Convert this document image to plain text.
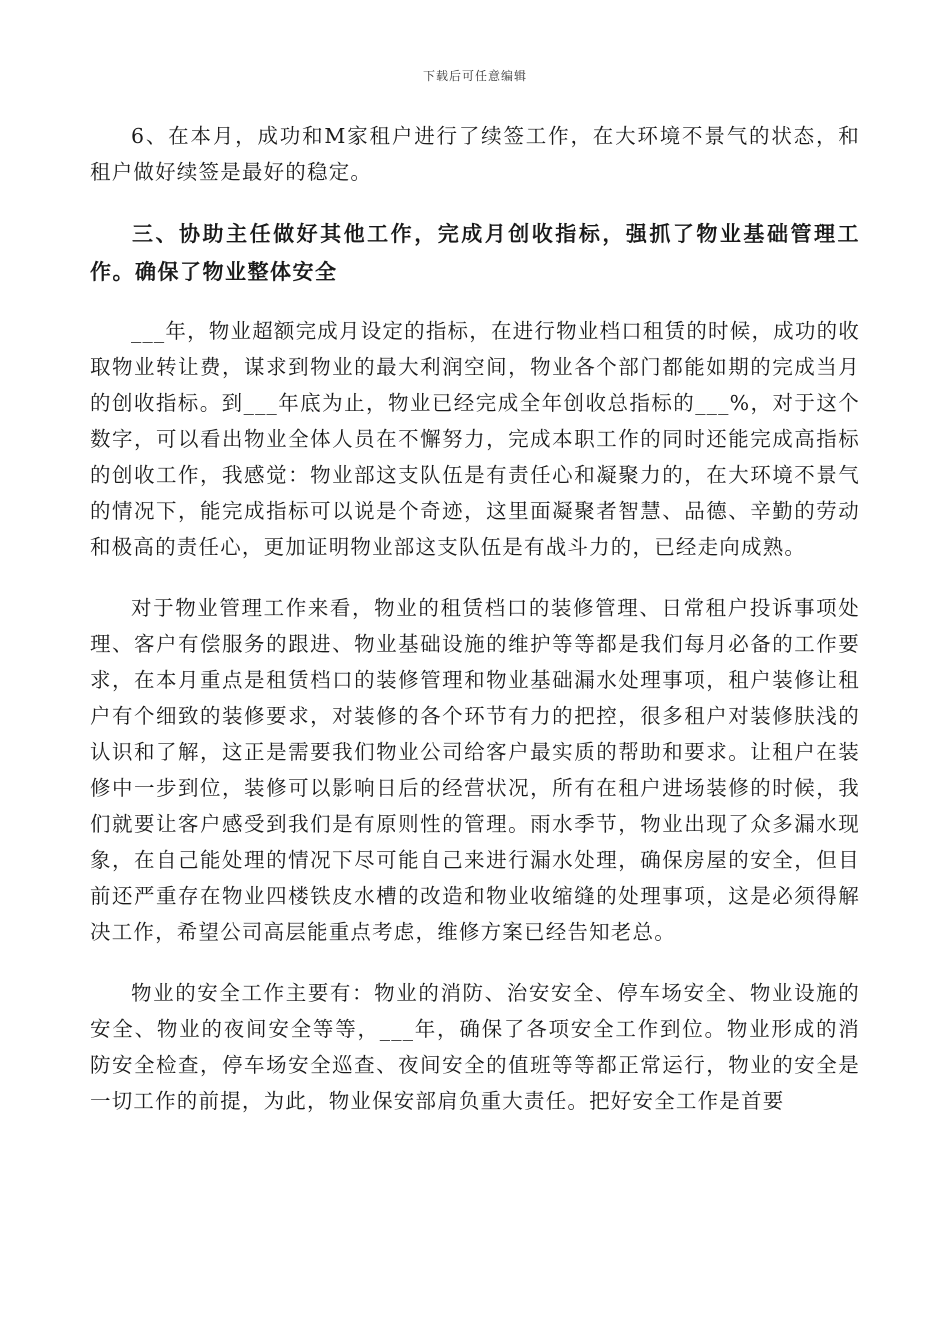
下载后可任意编辑

6、在本月，成功和M家租户进行了续签工作，在大环境不景气的状态，和租户做好续签是最好的稳定。

三、协助主任做好其他工作，完成月创收指标，强抓了物业基础管理工作。确保了物业整体安全

___年，物业超额完成月设定的指标，在进行物业档口租赁的时候，成功的收取物业转让费，谋求到物业的最大利润空间，物业各个部门都能如期的完成当月的创收指标。到___年底为止，物业已经完成全年创收总指标的___%，对于这个数字，可以看出物业全体人员在不懈努力，完成本职工作的同时还能完成高指标的创收工作，我感觉：物业部这支队伍是有责任心和凝聚力的，在大环境不景气的情况下，能完成指标可以说是个奇迹，这里面凝聚者智慧、品德、辛勤的劳动和极高的责任心，更加证明物业部这支队伍是有战斗力的，已经走向成熟。

对于物业管理工作来看，物业的租赁档口的装修管理、日常租户投诉事项处理、客户有偿服务的跟进、物业基础设施的维护等等都是我们每月必备的工作要求，在本月重点是租赁档口的装修管理和物业基础漏水处理事项，租户装修让租户有个细致的装修要求，对装修的各个环节有力的把控，很多租户对装修肤浅的认识和了解，这正是需要我们物业公司给客户最实质的帮助和要求。让租户在装修中一步到位，装修可以影响日后的经营状况，所有在租户进场装修的时候，我们就要让客户感受到我们是有原则性的管理。雨水季节，物业出现了众多漏水现象，在自己能处理的情况下尽可能自己来进行漏水处理，确保房屋的安全，但目前还严重存在物业四楼铁皮水槽的改造和物业收缩缝的处理事项，这是必须得解决工作，希望公司高层能重点考虑，维修方案已经告知老总。

物业的安全工作主要有：物业的消防、治安安全、停车场安全、物业设施的安全、物业的夜间安全等等，___年，确保了各项安全工作到位。物业形成的消防安全检查，停车场安全巡查、夜间安全的值班等等都正常运行，物业的安全是一切工作的前提，为此，物业保安部肩负重大责任。把好安全工作是首要
